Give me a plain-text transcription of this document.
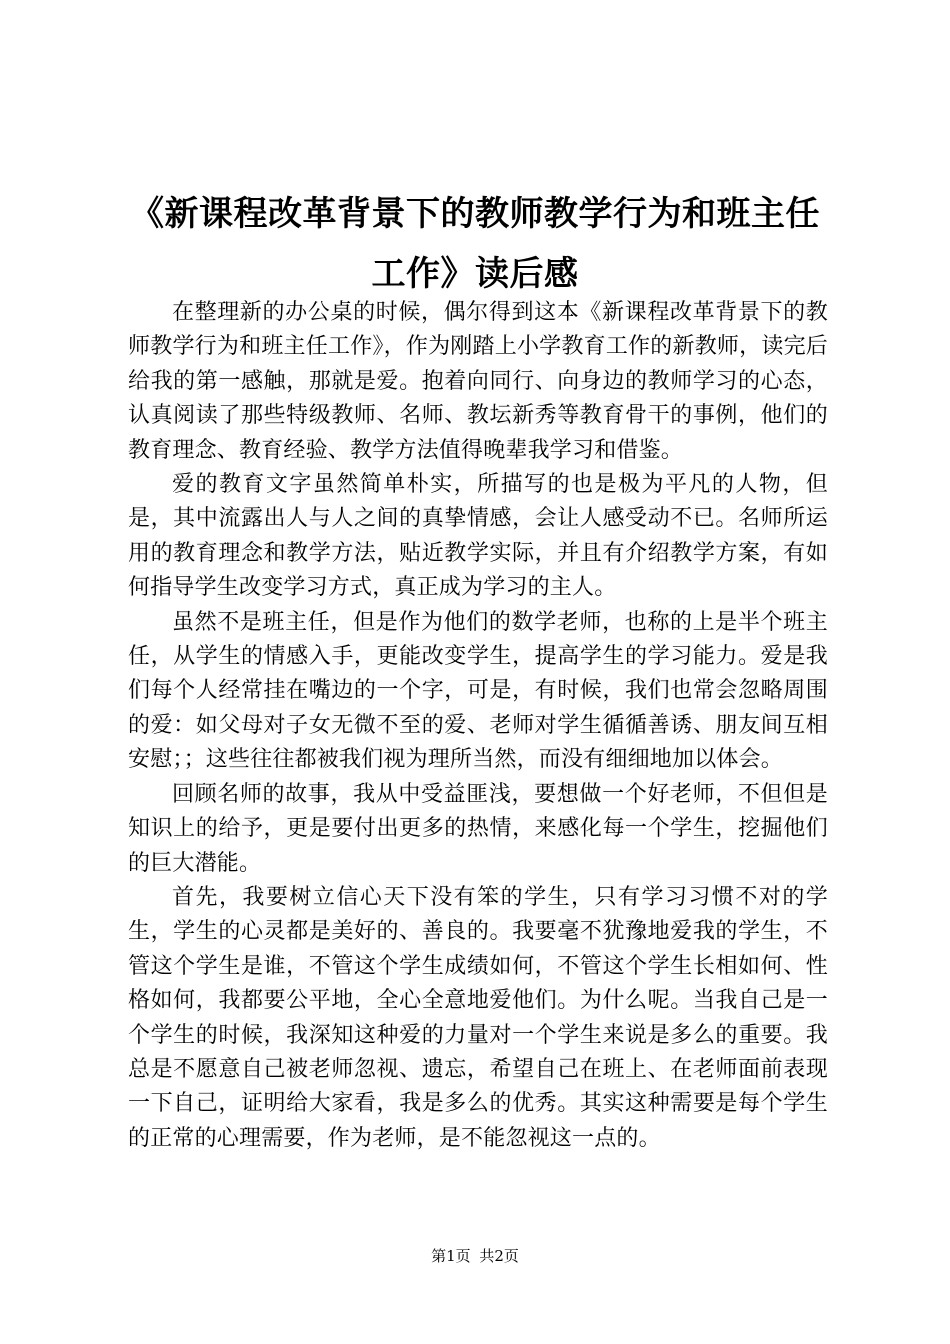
《新课程改革背景下的教师教学行为和班主任工作》读后感

在整理新的办公桌的时候，偶尔得到这本《新课程改革背景下的教师教学行为和班主任工作》，作为刚踏上小学教育工作的新教师，读完后给我的第一感触，那就是爱。抱着向同行、向身边的教师学习的心态，认真阅读了那些特级教师、名师、教坛新秀等教育骨干的事例，他们的教育理念、教育经验、教学方法值得晚辈我学习和借鉴。

爱的教育文字虽然简单朴实，所描写的也是极为平凡的人物，但是，其中流露出人与人之间的真挚情感，会让人感受动不已。名师所运用的教育理念和教学方法，贴近教学实际，并且有介绍教学方案，有如何指导学生改变学习方式，真正成为学习的主人。

虽然不是班主任，但是作为他们的数学老师，也称的上是半个班主任，从学生的情感入手，更能改变学生，提高学生的学习能力。爱是我们每个人经常挂在嘴边的一个字，可是，有时候，我们也常会忽略周围的爱：如父母对子女无微不至的爱、老师对学生循循善诱、朋友间互相安慰；；这些往往都被我们视为理所当然，而没有细细地加以体会。

回顾名师的故事，我从中受益匪浅，要想做一个好老师，不但但是知识上的给予，更是要付出更多的热情，来感化每一个学生，挖掘他们的巨大潜能。

首先，我要树立信心天下没有笨的学生，只有学习习惯不对的学生，学生的心灵都是美好的、善良的。我要毫不犹豫地爱我的学生，不管这个学生是谁，不管这个学生成绩如何，不管这个学生长相如何、性格如何，我都要公平地，全心全意地爱他们。为什么呢。当我自己是一个学生的时候，我深知这种爱的力量对一个学生来说是多么的重要。我总是不愿意自己被老师忽视、遗忘，希望自己在班上、在老师面前表现一下自己，证明给大家看，我是多么的优秀。其实这种需要是每个学生的正常的心理需要，作为老师，是不能忽视这一点的。

第1页 共2页
